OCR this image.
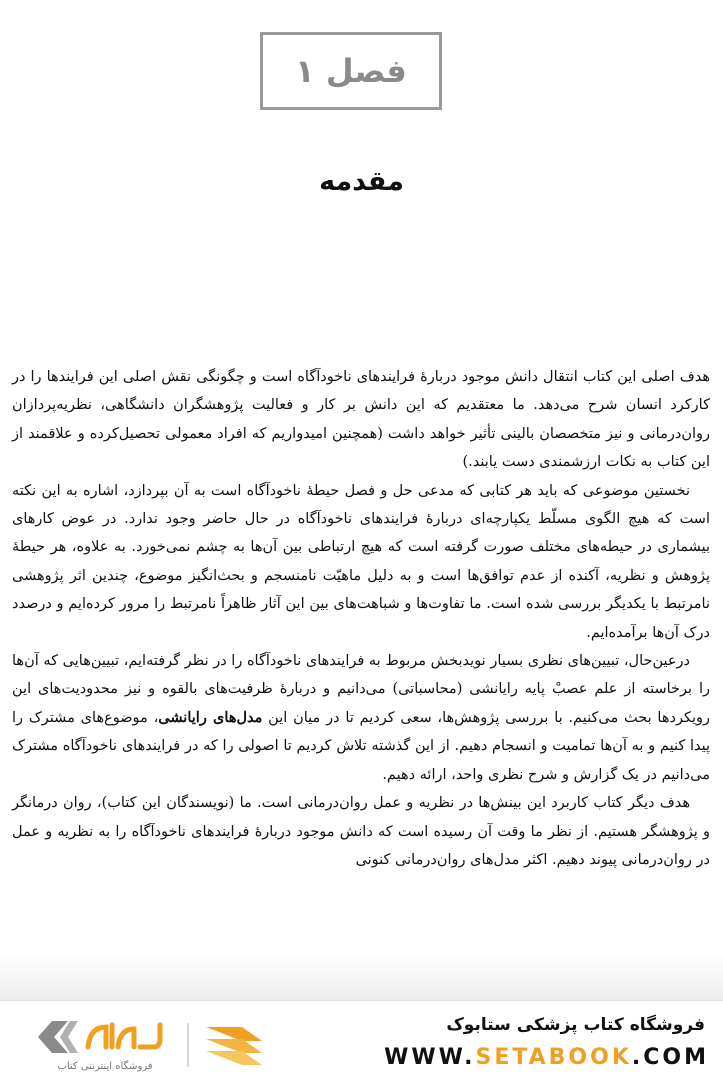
فصل ۱
مقدمه

هدف اصلی این کتاب انتقال دانش موجود دربارۀ فرایندهای ناخودآگاه است و چگونگی نقش اصلی این فرایندها را در کارکرد انسان شرح می‌دهد. ما معتقدیم که این دانش بر کار و فعالیت پژوهشگران دانشگاهی، نظریه‌پردازان روان‌درمانی و نیز متخصصان بالینی تأثیر خواهد داشت (همچنین امیدواریم که افراد معمولی تحصیل‌کرده و علاقمند از این کتاب به نکات ارزشمندی دست یابند.)

نخستین موضوعی که باید هر کتابی که مدعی حل و فصل حیطۀ ناخودآگاه است به آن بپردازد، اشاره به این نکته است که هیچ الگوی مسلّط یکپارچه‌ای دربارۀ فرایندهای ناخودآگاه در حال حاضر وجود ندارد. در عوض کارهای بیشماری در حیطه‌های مختلف صورت گرفته است که هیچ ارتباطی بین آن‌ها به چشم نمی‌خورد. به علاوه، هر حیطۀ پژوهش و نظریه، آکنده از عدم توافق‌ها است و به دلیل ماهیّت نامنسجم و بحث‌انگیز موضوع، چندین اثر پژوهشی نامرتبط با یکدیگر بررسی شده است. ما تفاوت‌ها و شباهت‌های بین این آثار ظاهراً نامرتبط را مرور کرده‌ایم و درصدد درک آن‌ها برآمده‌ایم.

درعین‌حال، تبیین‌های نظری بسیار نویدبخش مربوط به فرایندهای ناخودآگاه را در نظر گرفته‌ایم، تبیین‌هایی که آن‌ها را برخاسته از علم عصبْ پایه رایانشی (محاسباتی) می‌دانیم و دربارۀ ظرفیت‌های بالقوه و نیز محدودیت‌های این رویکردها بحث می‌کنیم. با بررسی پژوهش‌ها، سعی کردیم تا در میان این مدل‌های رایانشی، موضوع‌های مشترک را پیدا کنیم و به آن‌ها تمامیت و انسجام دهیم. از این گذشته تلاش کردیم تا اصولی را که در فرایندهای ناخودآگاه مشترک می‌دانیم در یک گزارش و شرح نظری واحد، ارائه دهیم.

هدف دیگر کتاب کاربرد این بینش‌ها در نظریه و عمل روان‌درمانی است. ما (نویسندگان این کتاب)، روان درمانگر و پژوهشگر هستیم. از نظر ما وقت آن رسیده است که دانش موجود دربارۀ فرایندهای ناخودآگاه را به نظریه و عمل در روان‌درمانی پیوند دهیم. اکثر مدل‌های روان‌درمانی کنونی

فروشگاه اینترنتی کتاب
فروشگاه کتاب پزشکی ستابوک
WWW.SETABOOK.COM
